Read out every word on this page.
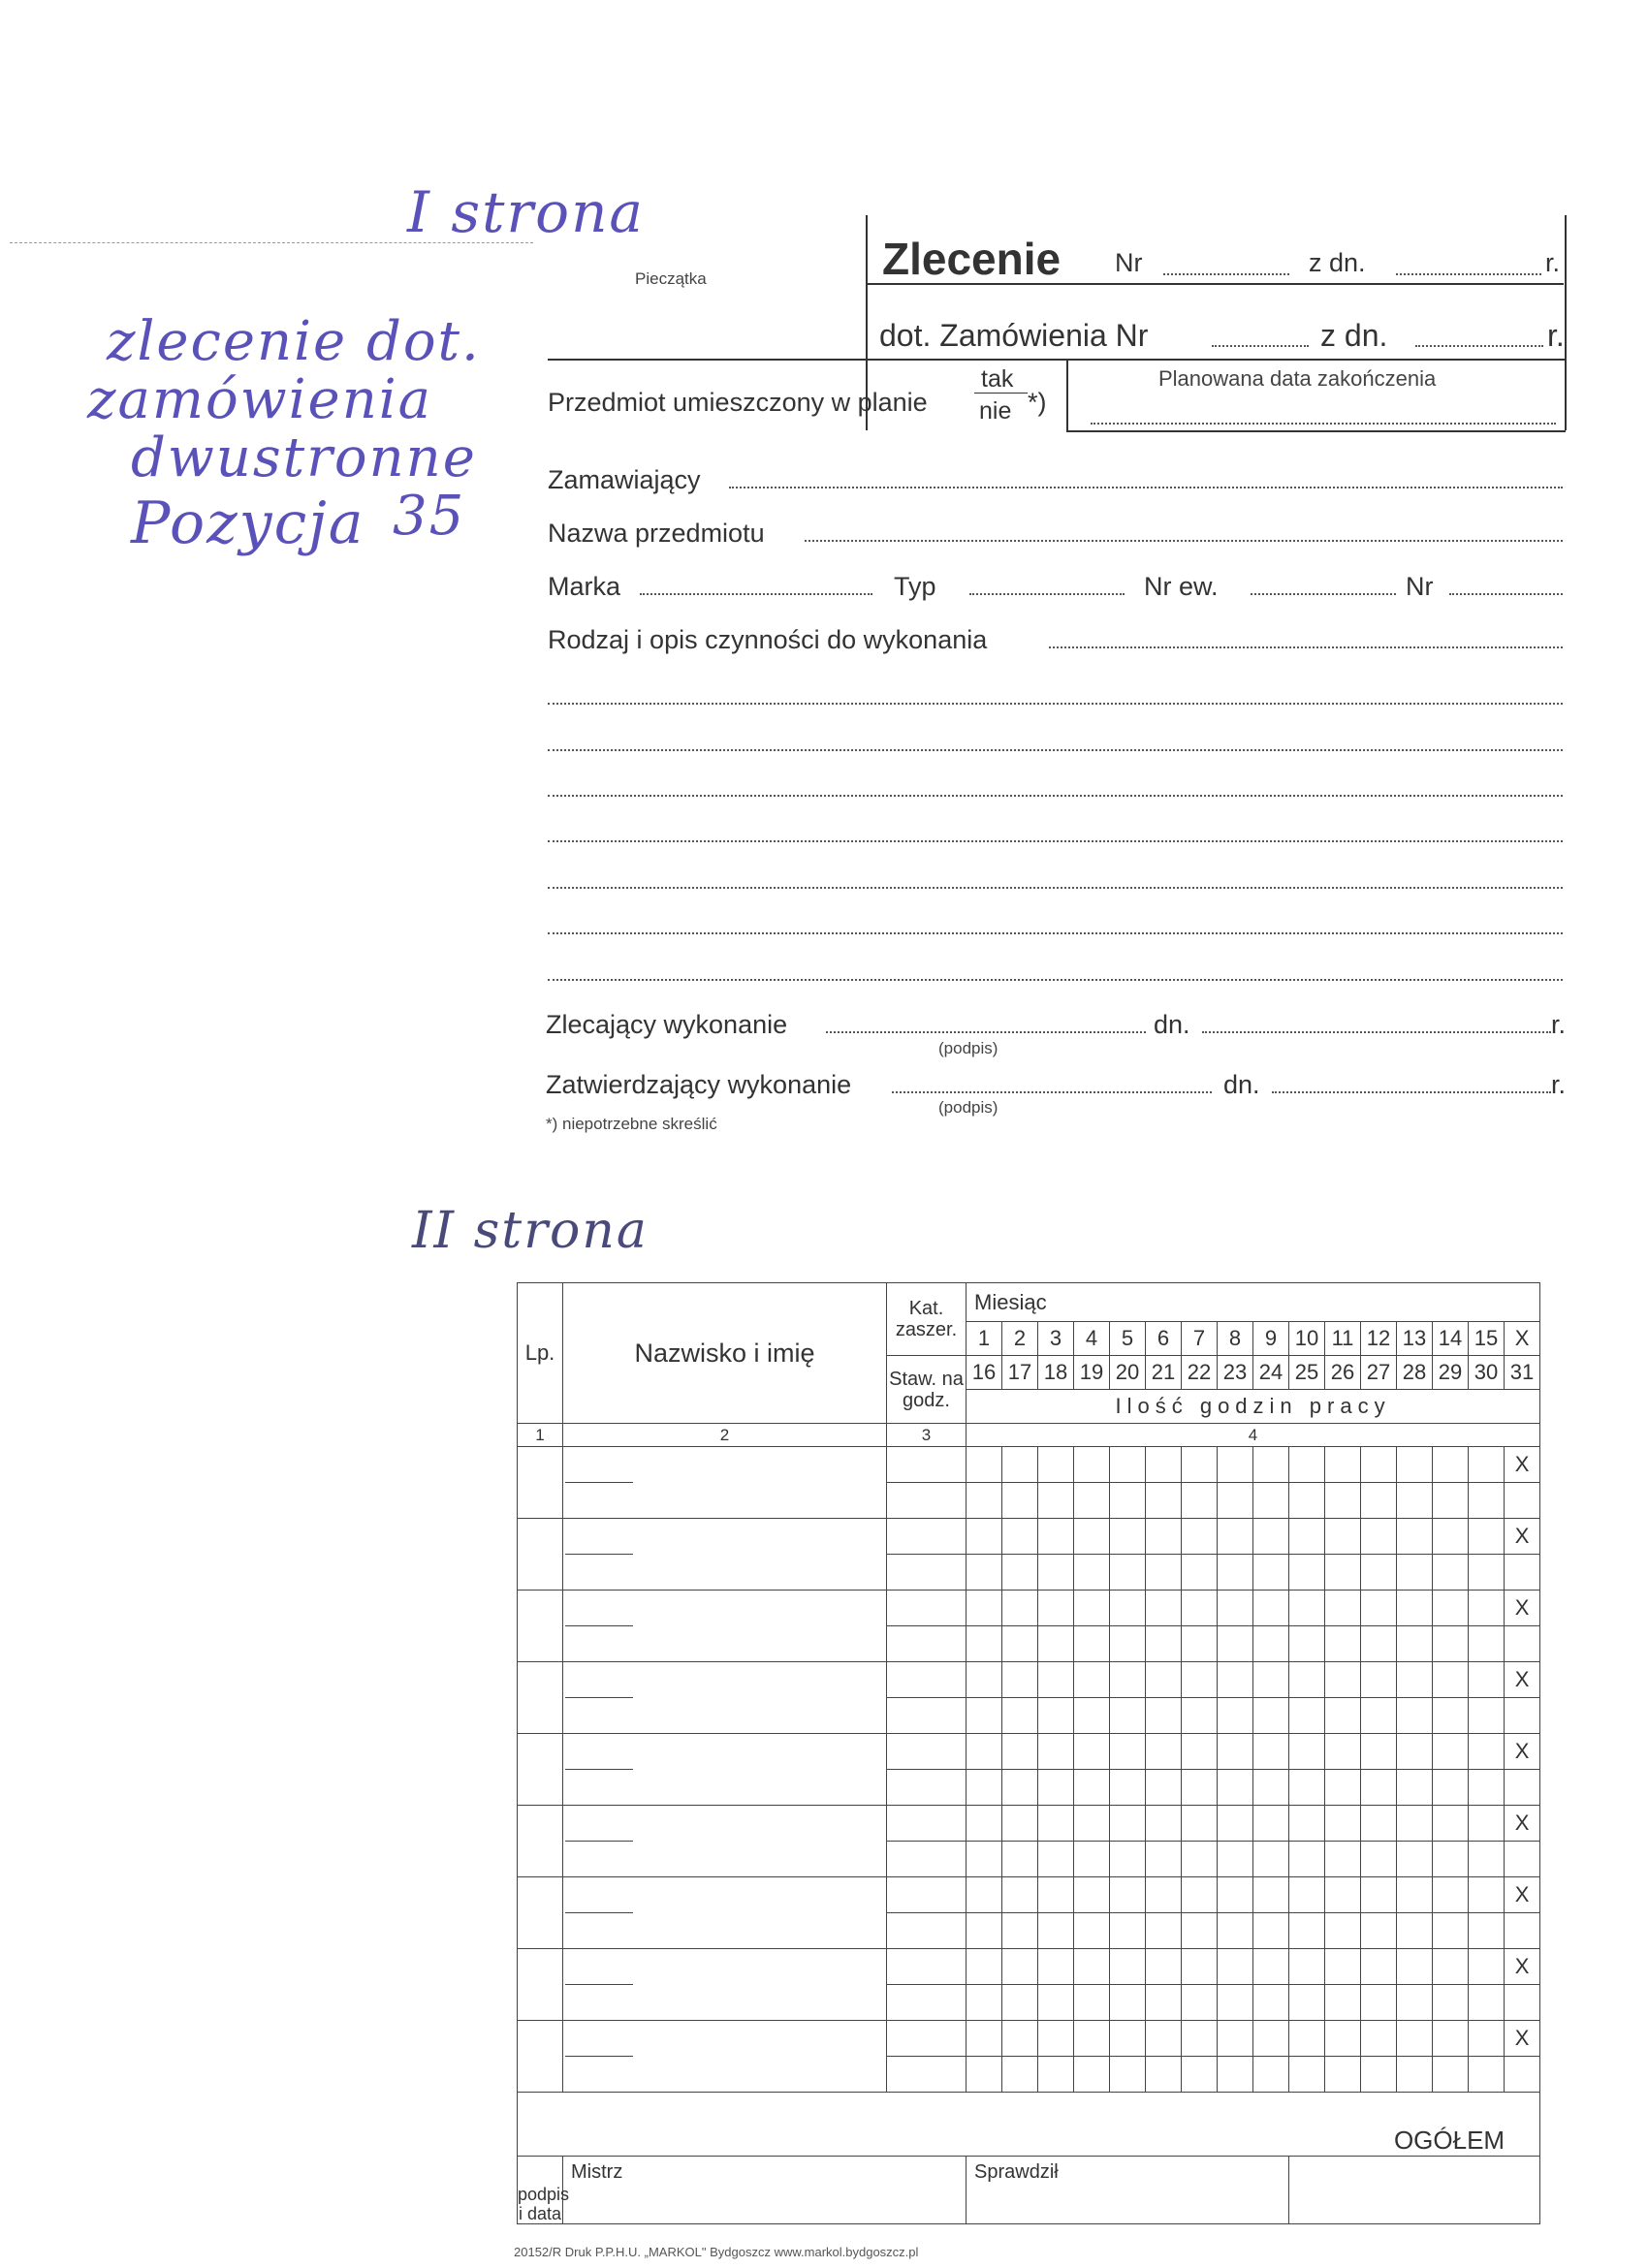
I strona
zlecenie dot.
zamówienia
dwustronne
Pozycja 35
II strona
Pieczątka	Zlecenie Nr	z dn.	r.
dot. Zamówienia Nr	z dn.	r.
Przedmiot umieszczony w planie
tak
nie *)
Planowana data zakończenia
Zamawiający
Nazwa przedmiotu
Marka	Typ	Nr ew.	Nr
Rodzaj i opis czynności do wykonania
Zlecający wykonanie
(podpis)
dn.	r.
Zatwierdzający wykonanie
(podpis)
dn.	r.
*) niepotrzebne skreślić
Lp.	Nazwisko i imię	Kat. zaszer.	Miesiąc															
			1	2	3	4	5	6	7	8	9	10	11	12	13	14	15	X
		Staw. na godz.	16	17	18	19	20	21	22	23	24	25	26	27	28	29	30	31
			Ilość godzin pracy															
1	2	3	4															

																	X

																	X

																	X

																	X

																	X

																	X

																	X

																	X

																	X

OGÓŁEM																		
podpis i data	Mistrz		Sprawdził															
20152/R Druk P.P.H.U. „MARKOL" Bydgoszcz www.markol.bydgoszcz.pl
